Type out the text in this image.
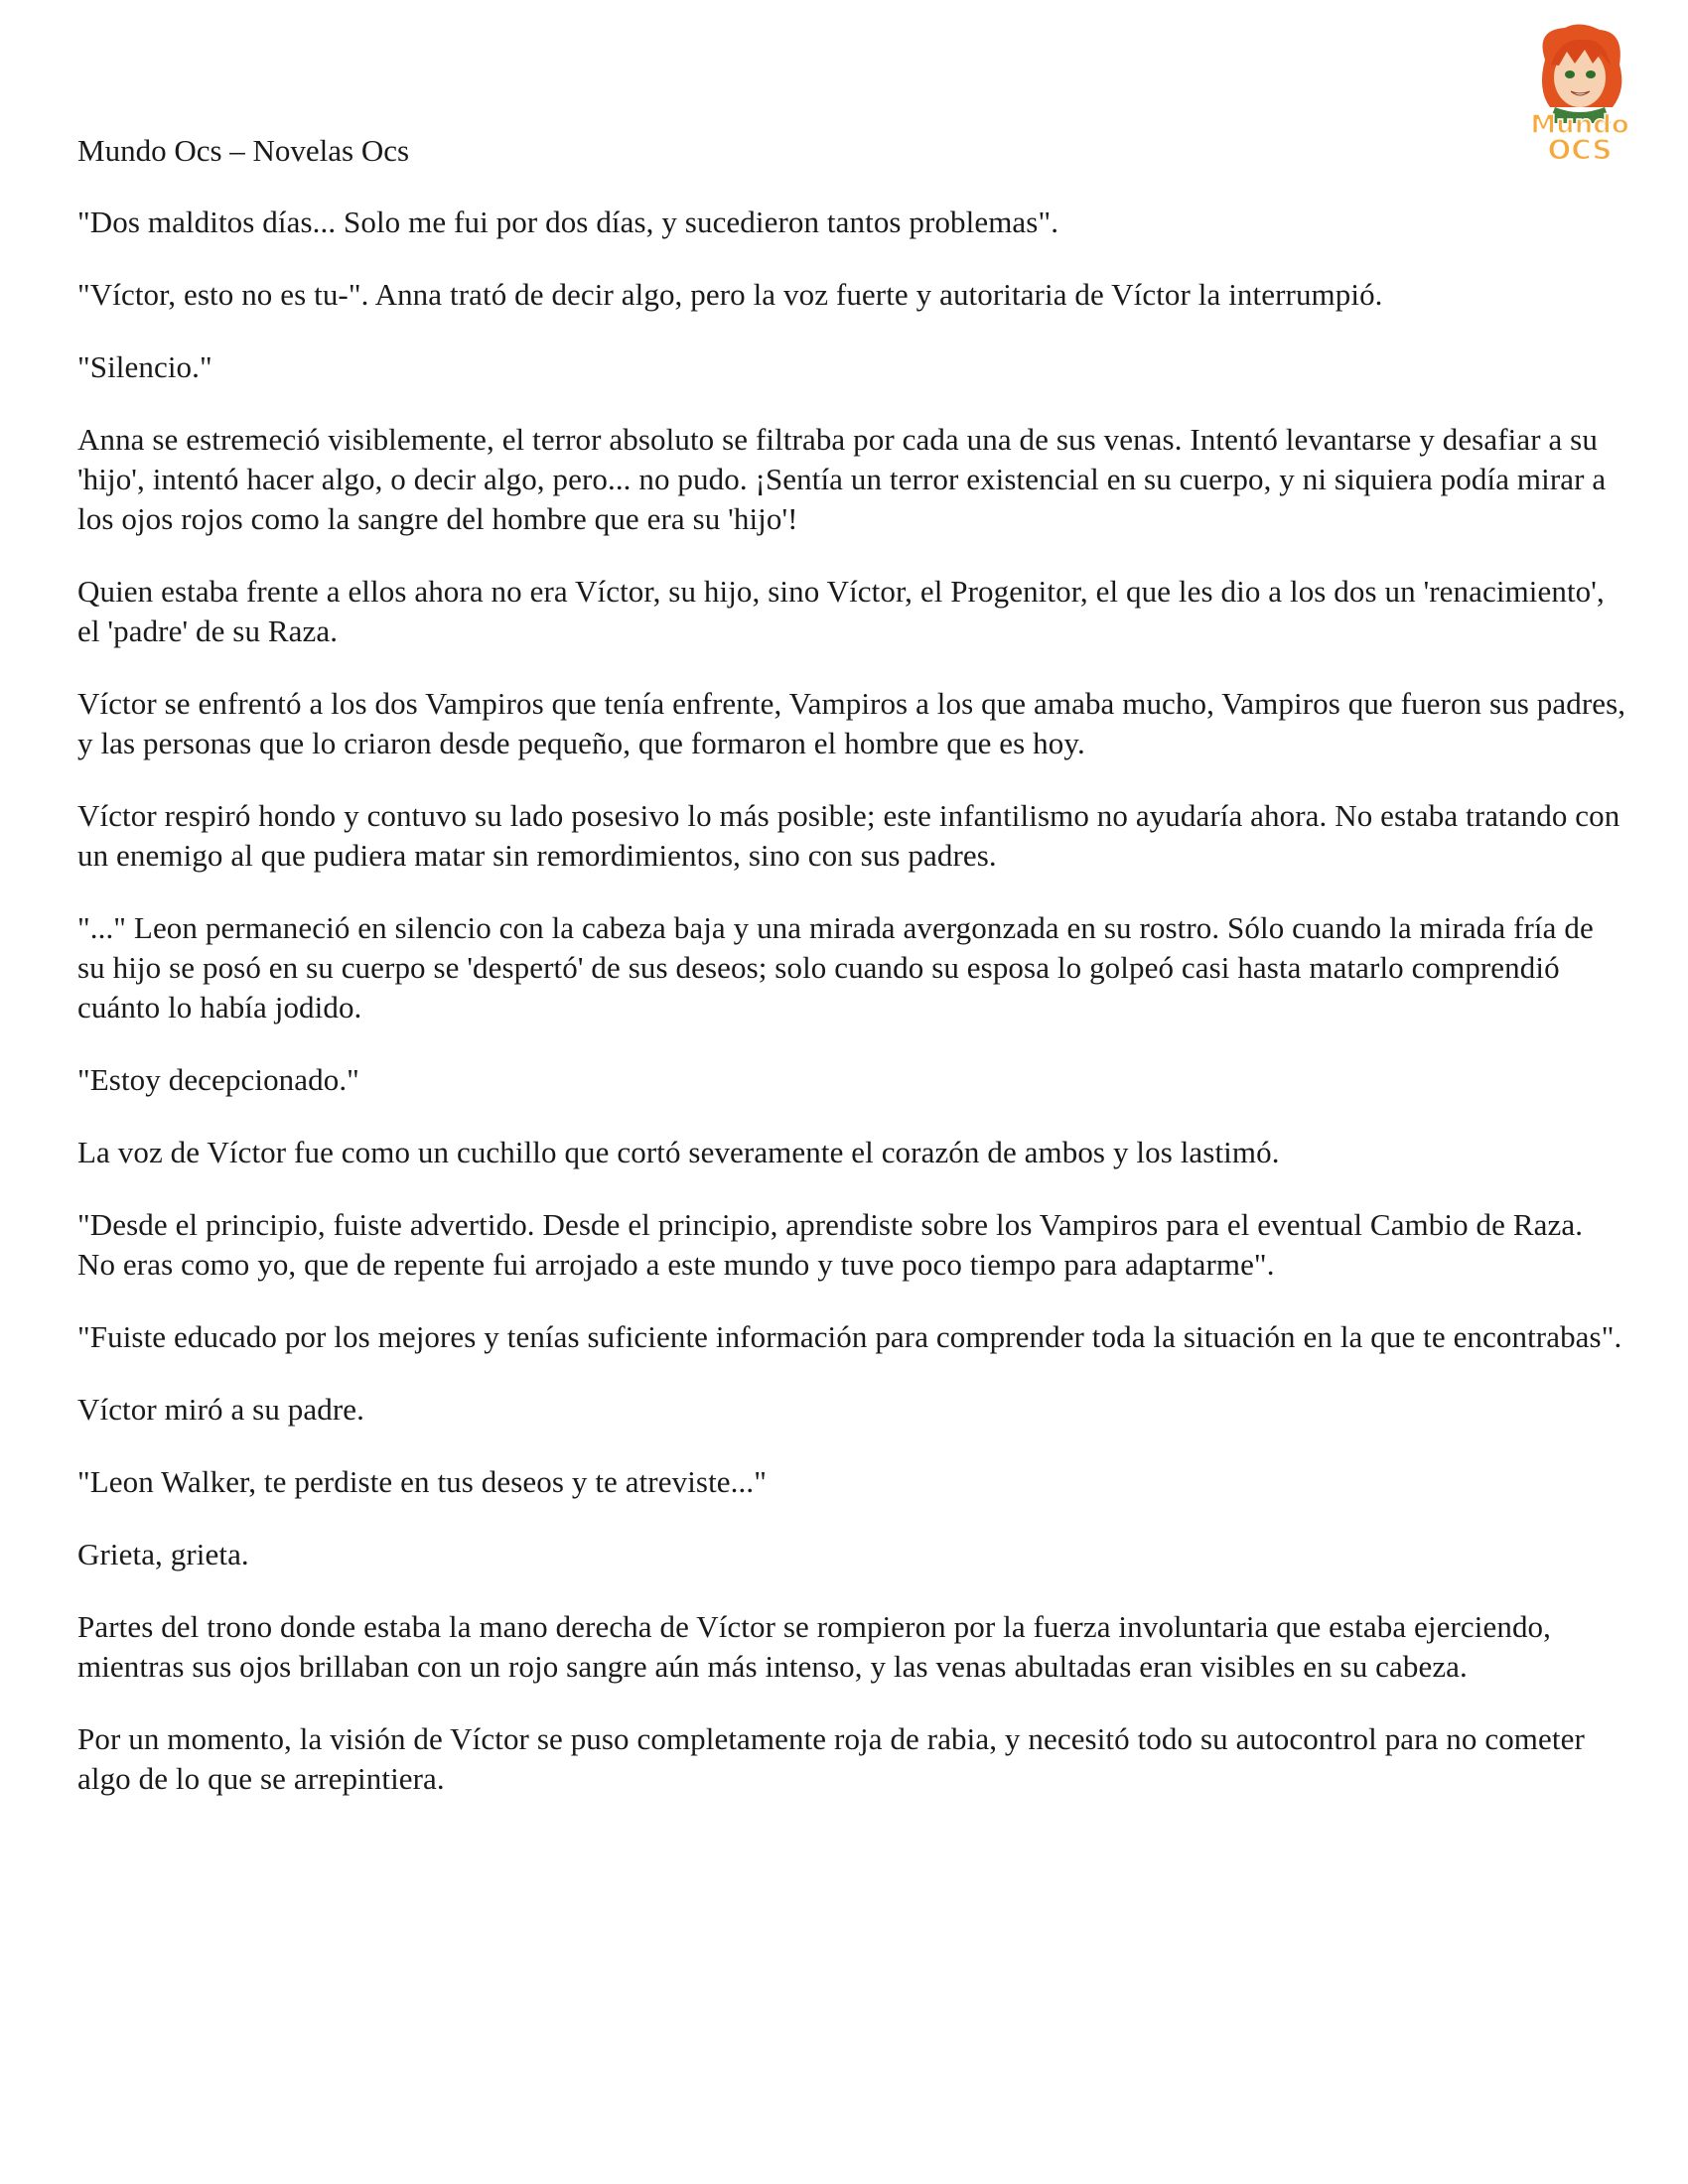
Mundo
OCS

Mundo Ocs – Novelas Ocs

"Dos malditos días... Solo me fui por dos días, y sucedieron tantos problemas".

"Víctor, esto no es tu-". Anna trató de decir algo, pero la voz fuerte y autoritaria de Víctor la interrumpió.

"Silencio."

Anna se estremeció visiblemente, el terror absoluto se filtraba por cada una de sus venas. Intentó levantarse y desafiar a su 'hijo', intentó hacer algo, o decir algo, pero... no pudo. ¡Sentía un terror existencial en su cuerpo, y ni siquiera podía mirar a los ojos rojos como la sangre del hombre que era su 'hijo'!

Quien estaba frente a ellos ahora no era Víctor, su hijo, sino Víctor, el Progenitor, el que les dio a los dos un 'renacimiento', el 'padre' de su Raza.

Víctor se enfrentó a los dos Vampiros que tenía enfrente, Vampiros a los que amaba mucho, Vampiros que fueron sus padres, y las personas que lo criaron desde pequeño, que formaron el hombre que es hoy.

Víctor respiró hondo y contuvo su lado posesivo lo más posible; este infantilismo no ayudaría ahora. No estaba tratando con un enemigo al que pudiera matar sin remordimientos, sino con sus padres.

"..." Leon permaneció en silencio con la cabeza baja y una mirada avergonzada en su rostro. Sólo cuando la mirada fría de su hijo se posó en su cuerpo se 'despertó' de sus deseos; solo cuando su esposa lo golpeó casi hasta matarlo comprendió cuánto lo había jodido.

"Estoy decepcionado."

La voz de Víctor fue como un cuchillo que cortó severamente el corazón de ambos y los lastimó.

"Desde el principio, fuiste advertido. Desde el principio, aprendiste sobre los Vampiros para el eventual Cambio de Raza. No eras como yo, que de repente fui arrojado a este mundo y tuve poco tiempo para adaptarme".

"Fuiste educado por los mejores y tenías suficiente información para comprender toda la situación en la que te encontrabas".

Víctor miró a su padre.

"Leon Walker, te perdiste en tus deseos y te atreviste..."

Grieta, grieta.

Partes del trono donde estaba la mano derecha de Víctor se rompieron por la fuerza involuntaria que estaba ejerciendo, mientras sus ojos brillaban con un rojo sangre aún más intenso, y las venas abultadas eran visibles en su cabeza.

Por un momento, la visión de Víctor se puso completamente roja de rabia, y necesitó todo su autocontrol para no cometer algo de lo que se arrepintiera.
